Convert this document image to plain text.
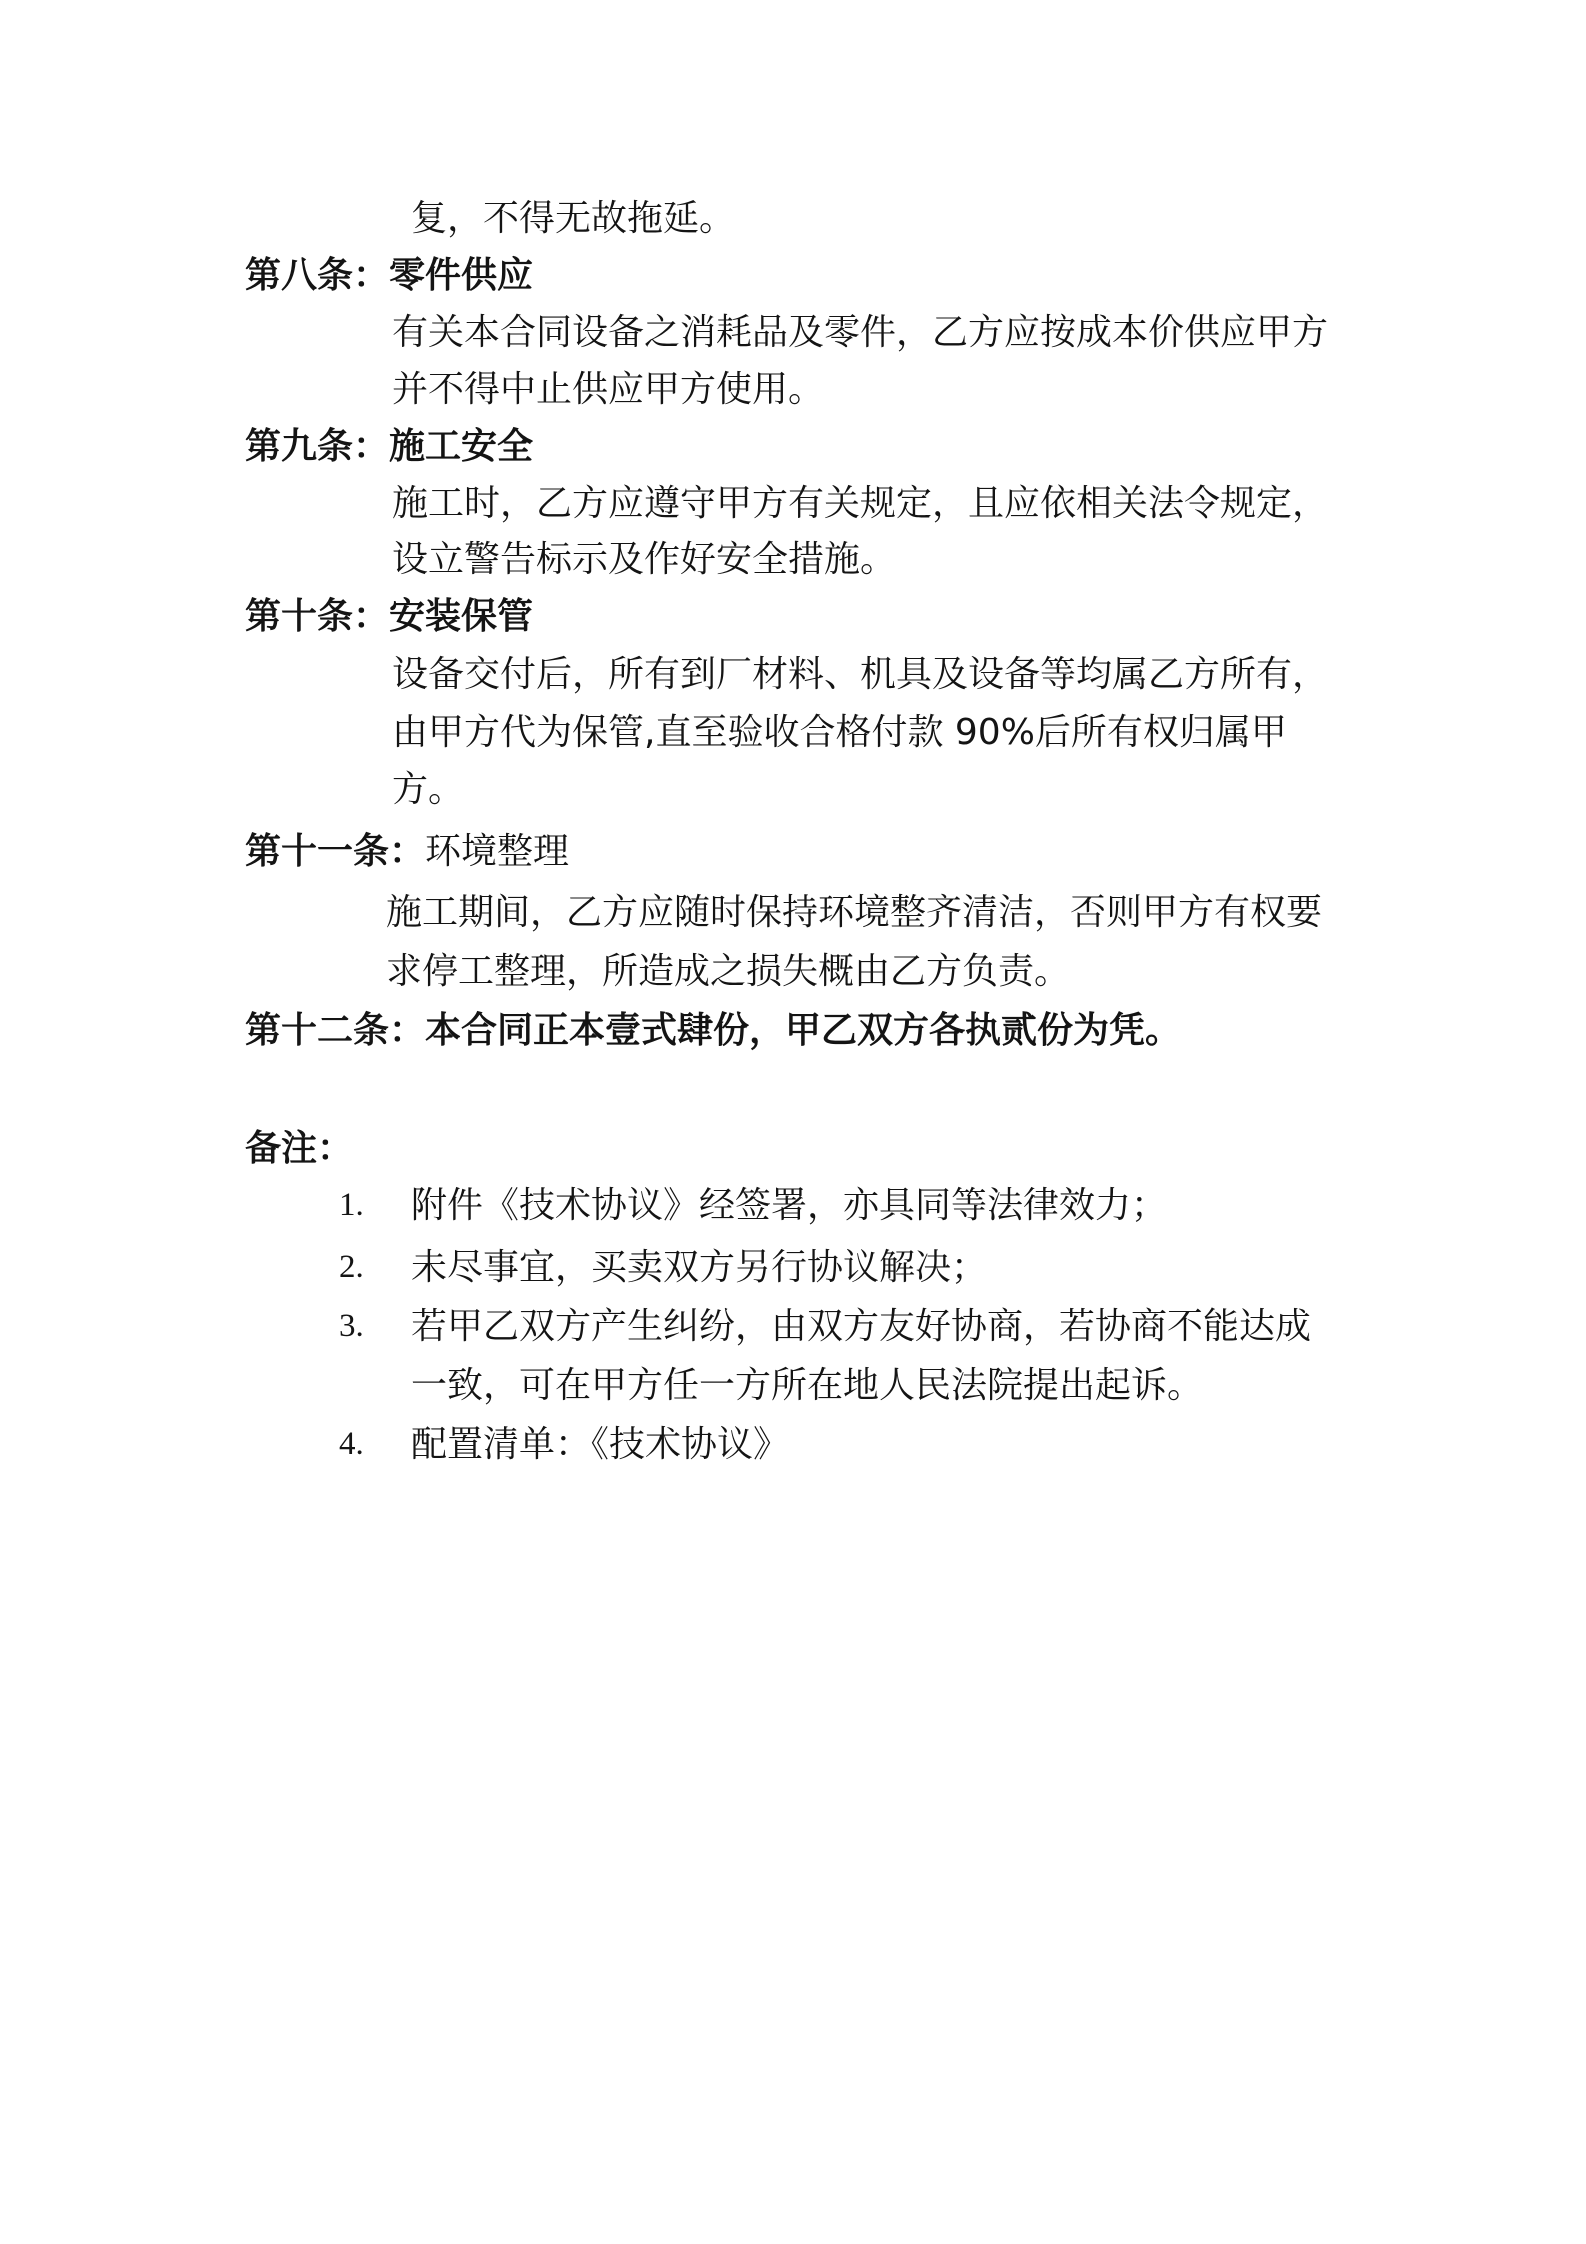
复，不得无故拖延。
第八条：零件供应
有关本合同设备之消耗品及零件，乙方应按成本价供应甲方
并不得中止供应甲方使用。
第九条：施工安全
施工时，乙方应遵守甲方有关规定，且应依相关法令规定，
设立警告标示及作好安全措施。
第十条：安装保管
设备交付后，所有到厂材料、机具及设备等均属乙方所有，
由甲方代为保管,直至验收合格付款 90%后所有权归属甲
方。
第十一条：环境整理
施工期间，乙方应随时保持环境整齐清洁，否则甲方有权要
求停工整理，所造成之损失概由乙方负责。
第十二条：本合同正本壹式肆份，甲乙双方各执贰份为凭。
备注：
1. 附件《技术协议》经签署，亦具同等法律效力；
2. 未尽事宜，买卖双方另行协议解决；
3. 若甲乙双方产生纠纷，由双方友好协商，若协商不能达成
一致，可在甲方任一方所在地人民法院提出起诉。
4. 配置清单：《技术协议》
